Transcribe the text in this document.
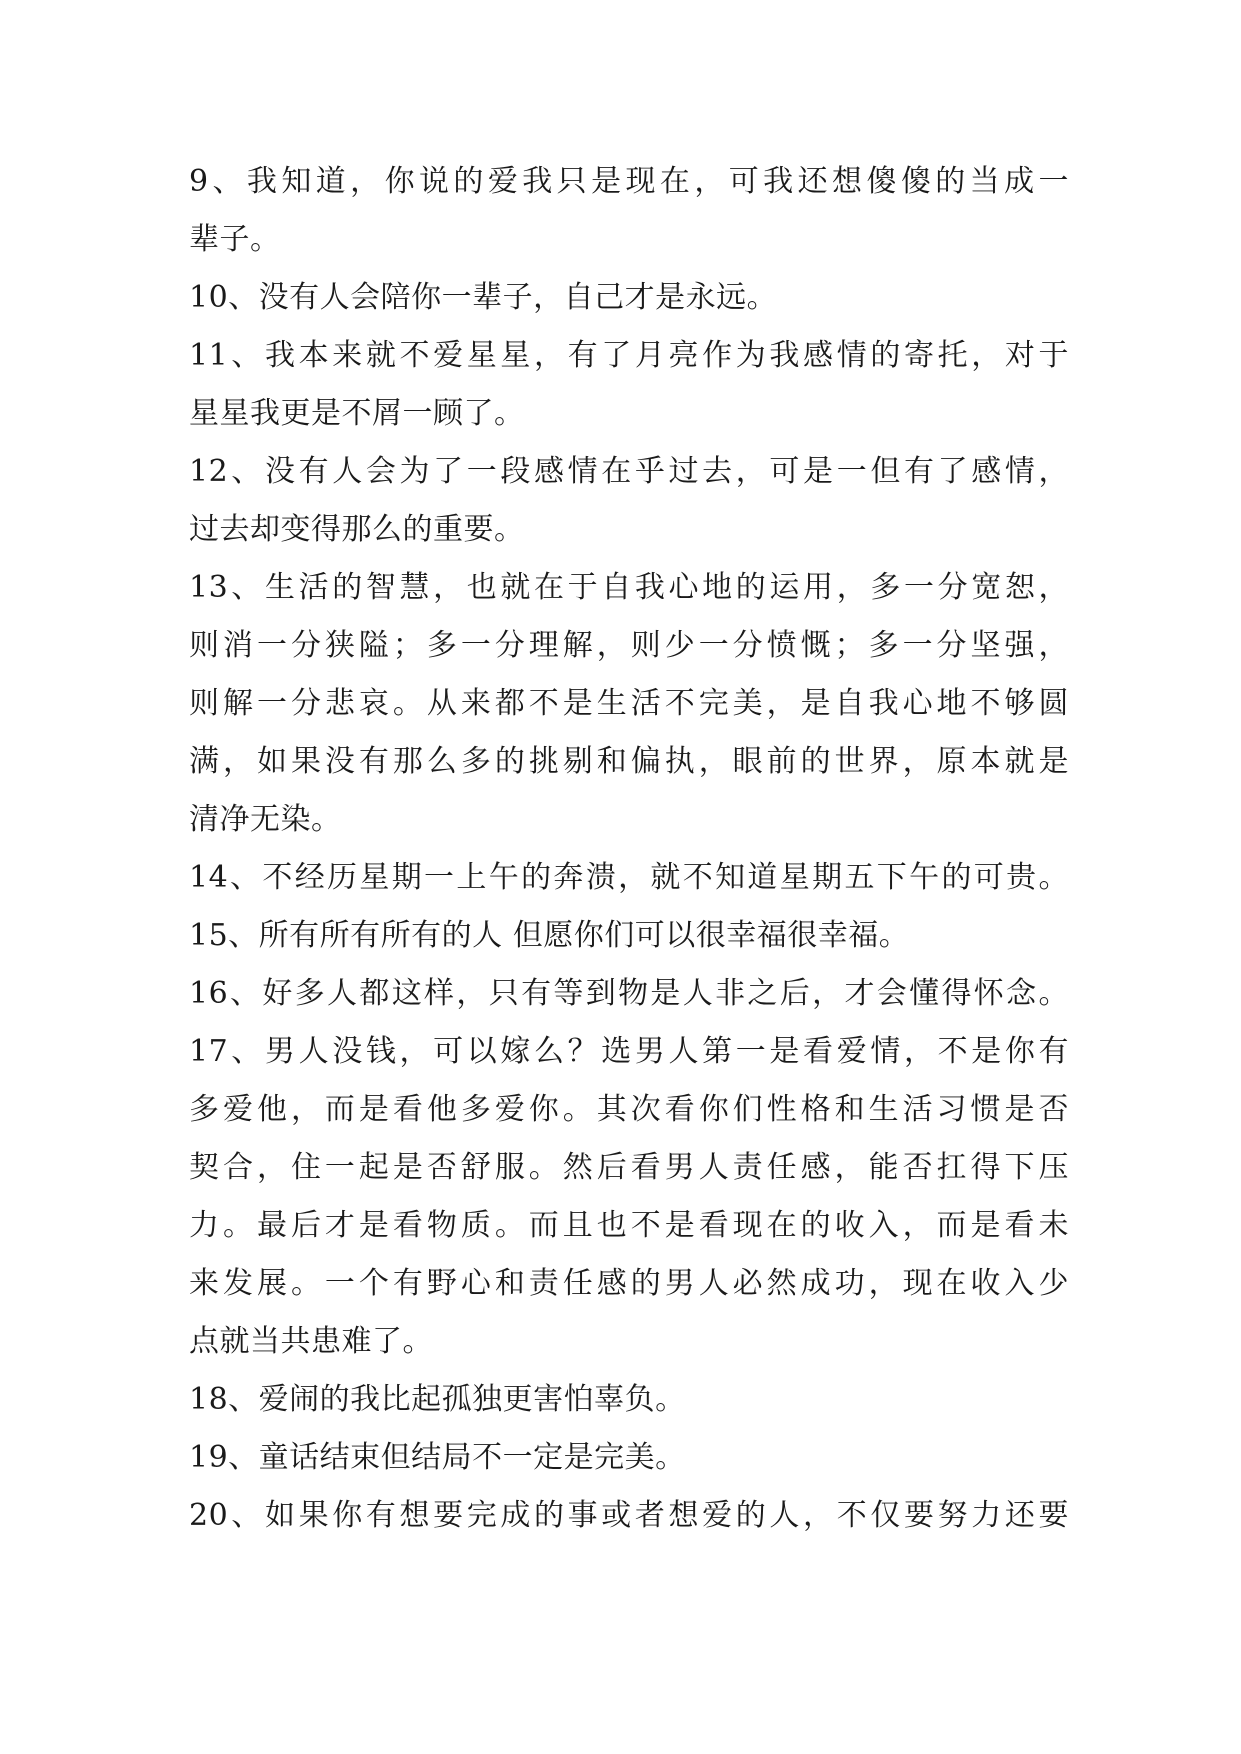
9、我知道，你说的爱我只是现在，可我还想傻傻的当成一
辈子。
10、没有人会陪你一辈子，自己才是永远。
11、我本来就不爱星星，有了月亮作为我感情的寄托，对于
星星我更是不屑一顾了。
12、没有人会为了一段感情在乎过去，可是一但有了感情，
过去却变得那么的重要。
13、生活的智慧，也就在于自我心地的运用，多一分宽恕，
则消一分狭隘；多一分理解，则少一分愤慨；多一分坚强，
则解一分悲哀。从来都不是生活不完美，是自我心地不够圆
满，如果没有那么多的挑剔和偏执，眼前的世界，原本就是
清净无染。
14、不经历星期一上午的奔溃，就不知道星期五下午的可贵。
15、所有所有所有的人 但愿你们可以很幸福很幸福。
16、好多人都这样，只有等到物是人非之后，才会懂得怀念。
17、男人没钱，可以嫁么？选男人第一是看爱情，不是你有
多爱他，而是看他多爱你。其次看你们性格和生活习惯是否
契合，住一起是否舒服。然后看男人责任感，能否扛得下压
力。最后才是看物质。而且也不是看现在的收入，而是看未
来发展。一个有野心和责任感的男人必然成功，现在收入少
点就当共患难了。
18、爱闹的我比起孤独更害怕辜负。
19、童话结束但结局不一定是完美。
20、如果你有想要完成的事或者想爱的人，不仅要努力还要
